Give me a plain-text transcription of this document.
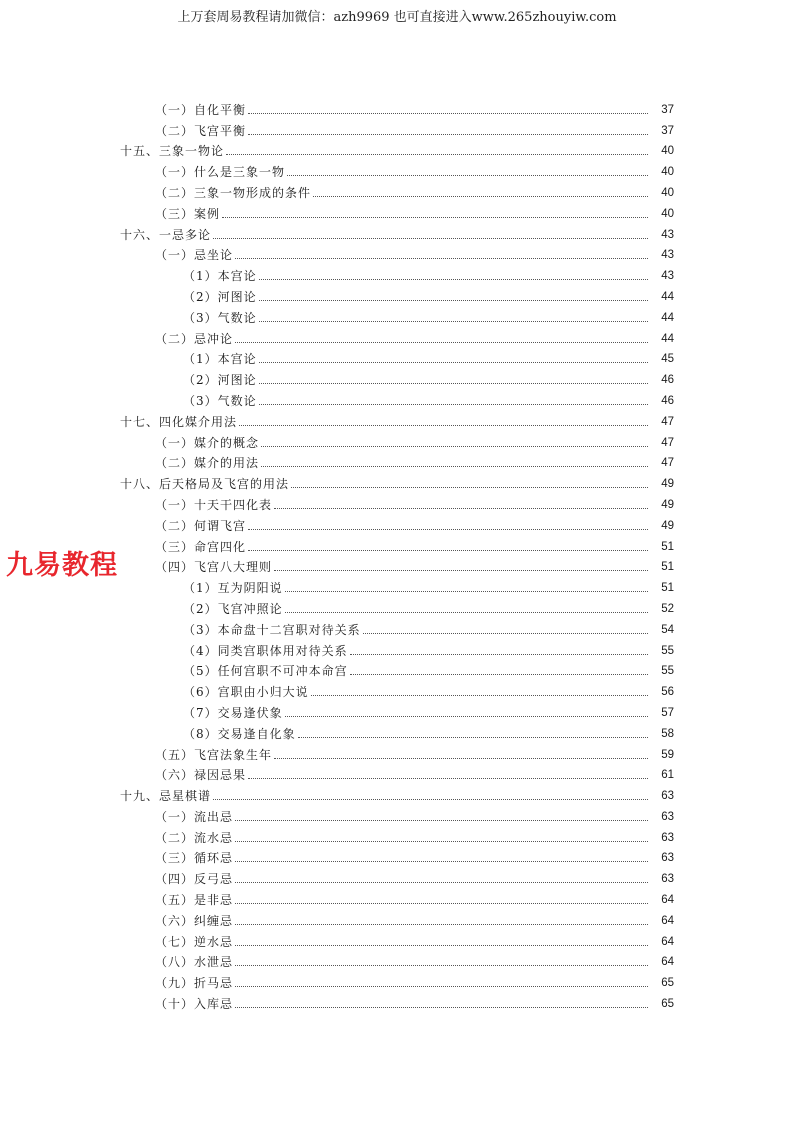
上万套周易教程请加微信：azh9969 也可直接进入www.265zhouyiw.com
（一）自化平衡	37
（二）飞宫平衡	37
十五、三象一物论	40
（一）什么是三象一物	40
（二）三象一物形成的条件	40
（三）案例	40
十六、一忌多论	43
（一）忌坐论	43
（1）本宫论	43
（2）河图论	44
（3）气数论	44
（二）忌冲论	44
（1）本宫论	45
（2）河图论	46
（3）气数论	46
十七、四化媒介用法	47
（一）媒介的概念	47
（二）媒介的用法	47
十八、后天格局及飞宫的用法	49
（一）十天干四化表	49
（二）何谓飞宫	49
（三）命宫四化	51
（四）飞宫八大理则	51
（1）互为阴阳说	51
（2）飞宫冲照论	52
（3）本命盘十二宫职对待关系	54
（4）同类宫职体用对待关系	55
（5）任何宫职不可冲本命宫	55
（6）宫职由小归大说	56
（7）交易逢伏象	57
（8）交易逢自化象	58
（五）飞宫法象生年	59
（六）禄因忌果	61
十九、忌星棋谱	63
（一）流出忌	63
（二）流水忌	63
（三）循环忌	63
（四）反弓忌	63
（五）是非忌	64
（六）纠缠忌	64
（七）逆水忌	64
（八）水泄忌	64
（九）折马忌	65
（十）入库忌	65
九易教程
